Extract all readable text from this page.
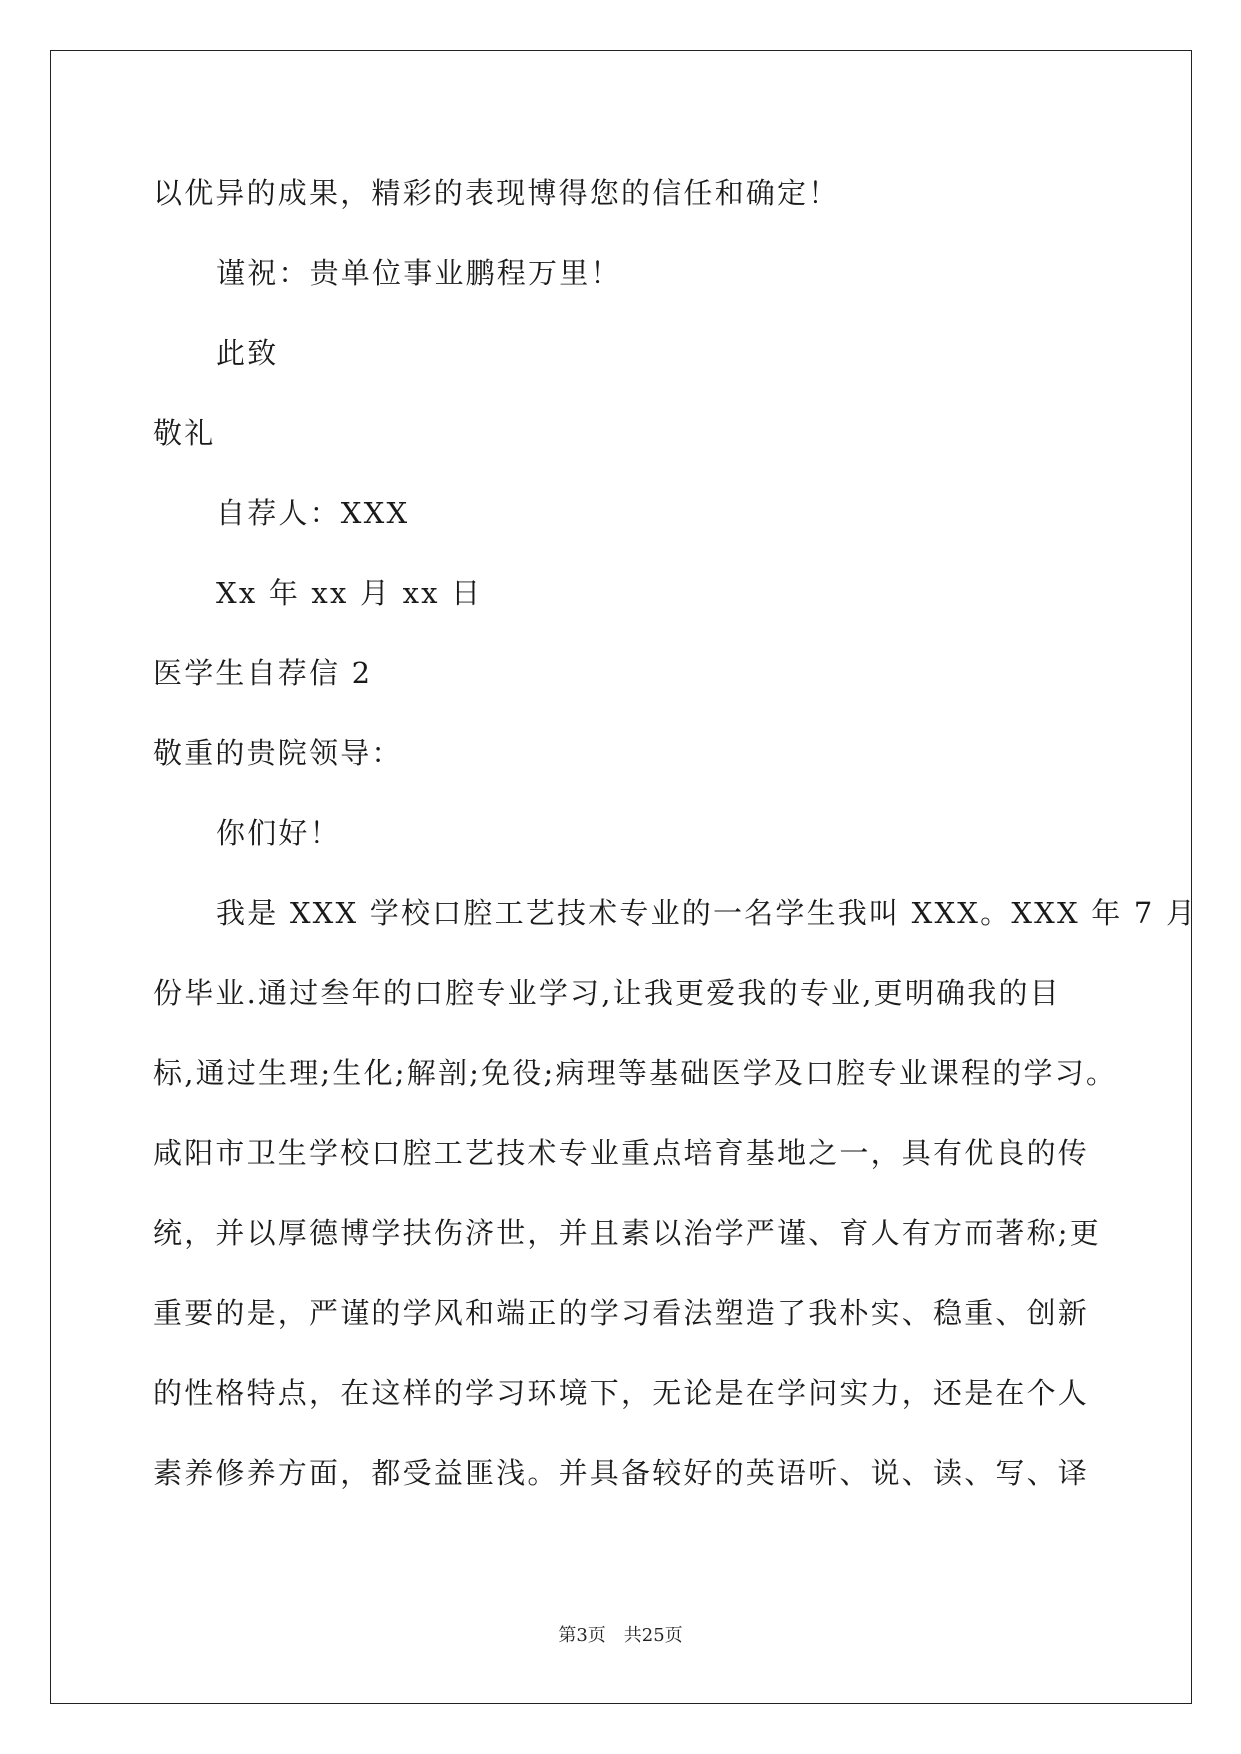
以优异的成果，精彩的表现博得您的信任和确定！
谨祝：贵单位事业鹏程万里！
此致
敬礼
自荐人：XXX
Xx 年 xx 月 xx 日
医学生自荐信 2
敬重的贵院领导：
你们好！
我是 XXX 学校口腔工艺技术专业的一名学生我叫 XXX。XXX 年 7 月
份毕业.通过叁年的口腔专业学习,让我更爱我的专业,更明确我的目
标,通过生理;生化;解剖;免役;病理等基础医学及口腔专业课程的学习。
咸阳市卫生学校口腔工艺技术专业重点培育基地之一，具有优良的传
统，并以厚德博学扶伤济世，并且素以治学严谨、育人有方而著称;更
重要的是，严谨的学风和端正的学习看法塑造了我朴实、稳重、创新
的性格特点，在这样的学习环境下，无论是在学问实力，还是在个人
素养修养方面，都受益匪浅。并具备较好的英语听、说、读、写、译
第3页　共25页
